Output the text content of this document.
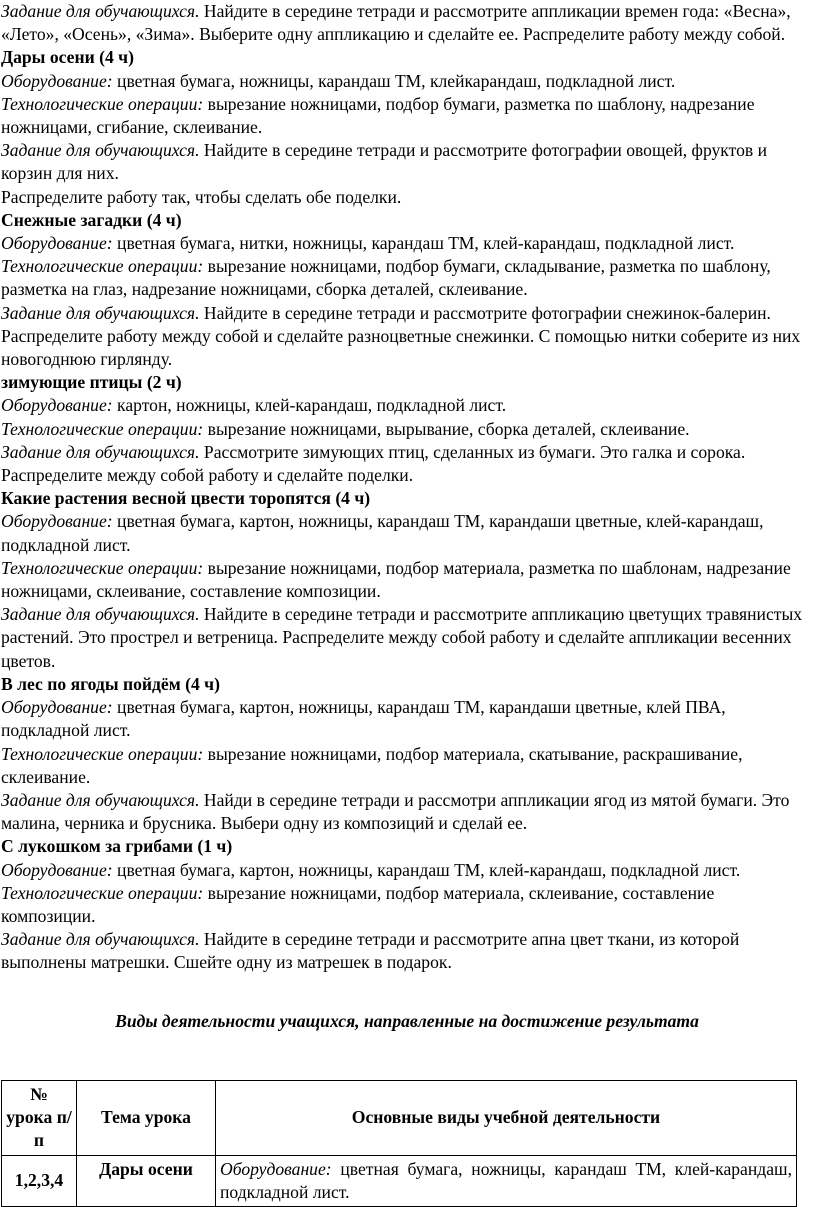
Задание для обучающихся. Найдите в середине тетради и рассмотрите аппликации времен года: «Весна», «Лето», «Осень», «Зима». Выберите одну аппликацию и сделайте ее. Распределите работу между собой.

Дары осени (4 ч)

Оборудование: цветная бумага, ножницы, карандаш ТМ, клейкарандаш, подкладной лист.

Технологические операции: вырезание ножницами, подбор бумаги, разметка по шаблону, надрезание ножницами, сгибание, склеивание.

Задание для обучающихся. Найдите в середине тетради и рассмотрите фотографии овощей, фруктов и корзин для них.

Распределите работу так, чтобы сделать обе поделки.

Снежные загадки (4 ч)

Оборудование: цветная бумага, нитки, ножницы, карандаш ТМ, клей-карандаш, подкладной лист.

Технологические операции: вырезание ножницами, подбор бумаги, складывание, разметка по шаблону, разметка на глаз, надрезание ножницами, сборка деталей, склеивание.

Задание для обучающихся. Найдите в середине тетради и рассмотрите фотографии снежинок-балерин. Распределите работу между собой и сделайте разноцветные снежинки. С помощью нитки соберите из них новогоднюю гирлянду.

зимующие птицы (2 ч)

Оборудование: картон, ножницы, клей-карандаш, подкладной лист.

Технологические операции: вырезание ножницами, вырывание, сборка деталей, склеивание.

Задание для обучающихся. Рассмотрите зимующих птиц, сделанных из бумаги. Это галка и сорока. Распределите между собой работу и сделайте поделки.

Какие растения весной цвести торопятся (4 ч)

Оборудование: цветная бумага, картон, ножницы, карандаш ТМ, карандаши цветные, клей-карандаш, подкладной лист.

Технологические операции: вырезание ножницами, подбор материала, разметка по шаблонам, надрезание ножницами, склеивание, составление композиции.

Задание для обучающихся. Найдите в середине тетради и рассмотрите аппликацию цветущих травянистых растений. Это прострел и ветреница. Распределите между собой работу и сделайте аппликации весенних цветов.

В лес по ягоды пойдём (4 ч)

Оборудование: цветная бумага, картон, ножницы, карандаш ТМ, карандаши цветные, клей ПВА, подкладной лист.

Технологические операции: вырезание ножницами, подбор материала, скатывание, раскрашивание, склеивание.

Задание для обучающихся. Найди в середине тетради и рассмотри аппликации ягод из мятой бумаги. Это малина, черника и брусника. Выбери одну из композиций и сделай ее.

С лукошком за грибами (1 ч)

Оборудование: цветная бумага, картон, ножницы, карандаш ТМ, клей-карандаш, подкладной лист.

Технологические операции: вырезание ножницами, подбор материала, склеивание, составление композиции.

Задание для обучающихся. Найдите в середине тетради и рассмотрите апна цвет ткани, из которой выполнены матрешки. Сшейте одну из матрешек в подарок.

Виды деятельности учащихся, направленные на достижение результата

№ урока п/п	Тема урока	Основные виды учебной деятельности
1,2,3,4	Дары осени	Оборудование: цветная бумага, ножницы, карандаш ТМ, клей-карандаш, подкладной лист.
